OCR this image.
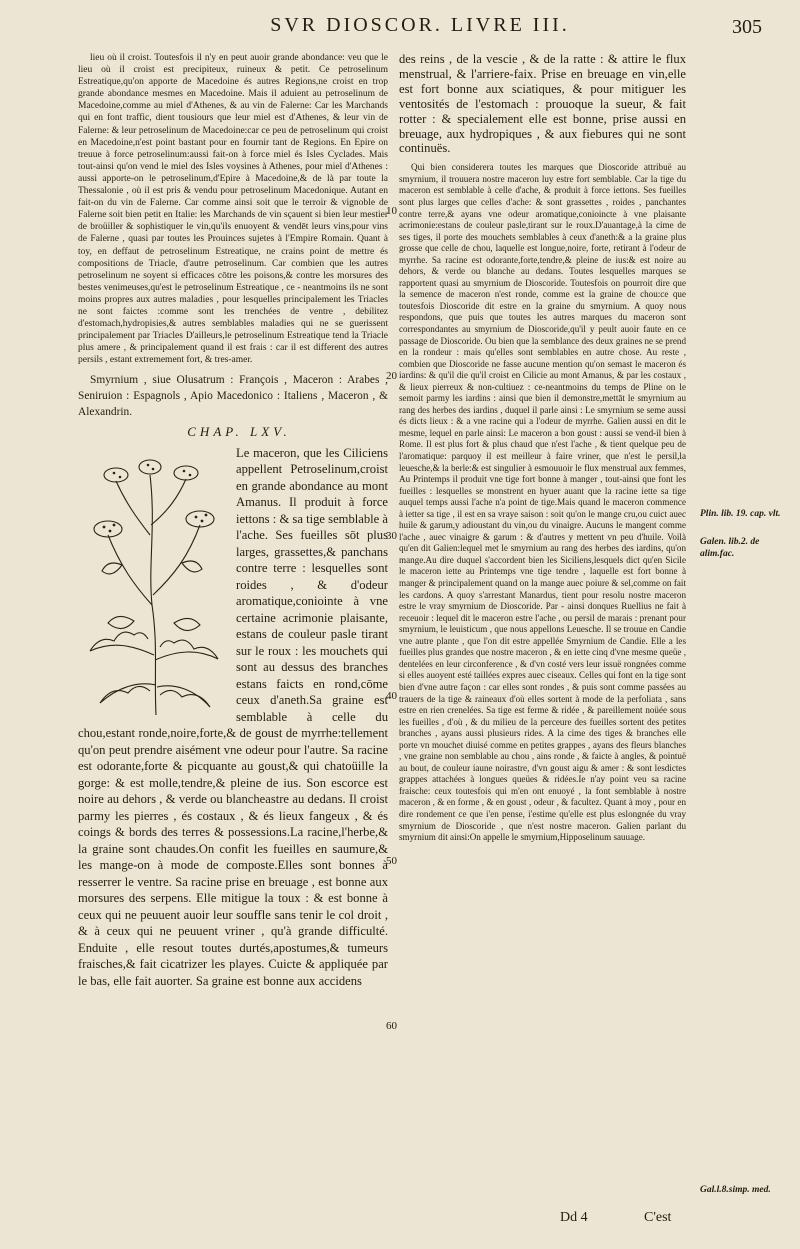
SVR DIOSCOR. LIVRE III.	305

lieu où il croist. Toutesfois il n'y en peut auoir grande abondance: veu que le lieu où il croist est precipiteux, ruineux & petit. Ce petroselinum Estreatique,qu'on apporte de Macedoine és autres Regions,ne croist en trop grande abondance mesmes en Macedoine. Mais il aduient au petroselinum de Macedoine,comme au miel d'Athenes, & au vin de Falerne: Car les Marchands qui en font traffic, dient tousiours que leur miel est d'Athenes, & leur vin de Falerne: & leur petroselinum de Macedoine:car ce peu de petroselinum qui croist en Macedoine,n'est point bastant pour en fournir tant de Regions. En Epire on treuue à force petroselinum:aussi fait-on à force miel és Isles Cyclades. Mais tout-ainsi qu'on vend le miel des Isles voysines à Athenes, pour miel d'Athenes : aussi apporte-on le petroselinum,d'Epire à Macedoine,& de là par toute la Thessalonie , où il est pris & vendu pour petroselinum Macedonique. Autant en fait-on du vin de Falerne. Car comme ainsi soit que le terroir & vignoble de Falerne soit bien petit en Italie: les Marchands de vin sçauent si bien leur mestier de broüiller & sophistiquer le vin,qu'ils enuoyent & vendēt leurs vins,pour vins de Falerne , quasi par toutes les Prouinces sujetes à l'Empire Romain. Quant à toy, en deffaut de petroselinum Estreatique, ne crains point de mettre és compositions de Triacle, d'autre petroselinum. Car combien que les autres petroselinum ne soyent si efficaces cōtre les poisons,& contre les morsures des bestes venimeuses,qu'est le petroselinum Estreatique , ce - neantmoins ils ne sont moins propres aux autres maladies , pour lesquelles principalement les Triacles ne sont faictes :comme sont les trenchées de ventre , debilitez d'estomach,hydropisies,& autres semblables maladies qui ne se guerissent principalement par Triacles D'ailleurs,le petroselinum Estreatique tend la Triacle plus amere , & principalement quand il est frais : car il est different des autres persils , estant extremement fort, & tres-amer.

Smyrnium , siue Olusatrum : François , Maceron : Arabes , Seniruion : Espagnols , Apio Macedonico : Italiens , Maceron , & Alexandrin.

CHAP. LXV.

Le maceron, que les Ciliciens appellent Petroselinum,croist en grande abondance au mont Amanus. Il produit à force iettons : & sa tige semblable à l'ache. Ses fueilles sōt plus larges, grassettes,& panchans contre terre : lesquelles sont roides , & d'odeur aromatique,coniointe à vne certaine acrimonie plaisante, estans de couleur pasle tirant sur le roux : les mouchets qui sont au dessus des branches estans faicts en rond,cōme ceux d'aneth.Sa graine est semblable à celle du chou,estant ronde,noire,forte,& de goust de myrrhe:tellement qu'on peut prendre aisément vne odeur pour l'autre. Sa racine est odorante,forte & picquante au goust,& qui chatoüille la gorge: & est molle,tendre,& pleine de ius. Son escorce est noire au dehors , & verde ou blancheastre au dedans. Il croist parmy les pierres , és costaux , & és lieux fangeux , & és coings & bords des terres & possessions.La racine,l'herbe,& la graine sont chaudes.On confit les fueilles en saumure,& les mange-on à mode de composte.Elles sont bonnes à resserrer le ventre. Sa racine prise en breuage , est bonne aux morsures des serpens. Elle mitigue la toux : & est bonne à ceux qui ne peuuent auoir leur souffle sans tenir le col droit , & à ceux qui ne peuuent vriner , qu'à grande difficulté. Enduite , elle resout toutes durtés,apostumes,& tumeurs fraisches,& fait cicatrizer les playes. Cuicte & appliquée par le bas, elle fait auorter. Sa graine est bonne aux accidens

des reins , de la vescie , & de la ratte : & attire le flux menstrual, & l'arriere-faix. Prise en breuage en vin,elle est fort bonne aux sciatiques, & pour mitiguer les ventosités de l'estomach : prouoque la sueur, & fait rotter : & specialement elle est bonne, prise aussi en breuage, aux hydropiques , & aux fiebures qui ne sont continuës.

Qui bien considerera toutes les marques que Dioscoride attribuë au smyrnium, il trouuera nostre maceron luy estre fort semblable. Car la tige du maceron est semblable à celle d'ache, & produit à force iettons. Ses fueilles sont plus larges que celles d'ache: & sont grassettes , roides , panchantes contre terre,& ayans vne odeur aromatique,conioincte à vne plaisante acrimonie:estans de couleur pasle,tirant sur le roux.D'auantage,à la cime de ses tiges, il porte des mouchets semblables à ceux d'aneth:& a la graine plus grosse que celle de chou, laquelle est longue,noire, forte, retirant à l'odeur de myrrhe. Sa racine est odorante,forte,tendre,& pleine de ius:& est noire au dehors, & verde ou blanche au dedans. Toutes lesquelles marques se rapportent quasi au smyrnium de Dioscoride. Toutesfois on pourroit dire que la semence de maceron n'est ronde, comme est la graine de chou:ce que toutesfois Dioscoride dit estre en la graine du smyrnium. A quoy nous respondons, que puis que toutes les autres marques du maceron sont correspondantes au smyrnium de Dioscoride,qu'il y peult auoir faute en ce passage de Dioscoride. Ou bien que la semblance des deux graines ne se prend en la rondeur : mais qu'elles sont semblables en autre chose. Au reste , combien que Dioscoride ne fasse aucune mention qu'on semast le maceron és iardins: & qu'il die qu'il croist en Cilicie au mont Amanus, & par les costaux , & lieux pierreux & non-cultiuez : ce-neantmoins du temps de Pline on le semoit parmy les iardins : ainsi que bien il demonstre,mettāt le smyrnium au rang des herbes des iardins , duquel il parle ainsi : Le smyrnium se seme aussi és dicts lieux : & a vne racine qui a l'odeur de myrrhe. Galien aussi en dit le mesme, lequel en parle ainsi: Le maceron a bon goust : aussi se vend-il bien à Rome. Il est plus fort & plus chaud que n'est l'ache , & tient quelque peu de l'aromatique: parquoy il est meilleur à faire vriner, que n'est le persil,la leuesche,& la berle:& est singulier à esmouuoir le flux menstrual aux femmes, Au Printemps il produit vne tige fort bonne à manger , tout-ainsi que font les fueilles : lesquelles se monstrent en hyuer auant que la racine iette sa tige auquel temps aussi l'ache n'a point de tige.Mais quand le maceron commence à ietter sa tige , il est en sa vraye saison : soit qu'on le mange cru,ou cuict auec huile & garum,y adioustant du vin,ou du vinaigre. Aucuns le mangent comme l'ache , auec vinaigre & garum : & d'autres y mettent vn peu d'huile. Voilà qu'en dit Galien:lequel met le smyrnium au rang des herbes des iardins, qu'on mange.Au dire duquel s'accordent bien les Siciliens,lesquels dict qu'en Sicile le maceron iette au Printemps vne tige tendre , laquelle est fort bonne à manger & principalement quand on la mange auec poiure & sel,comme on fait les cardons. A quoy s'arrestant Manardus, tient pour resolu nostre maceron estre le vray smyrnium de Dioscoride. Par - ainsi donques Ruellius ne fait à receuoir : lequel dit le maceron estre l'ache , ou persil de marais : prenant pour smyrnium, le leuisticum , que nous appellons Leuesche. Il se trouue en Candie vne autre plante , que l'on dit estre appellée Smyrnium de Candie. Elle a les fueilles plus grandes que nostre maceron , & en iette cinq d'vne mesme queüe , dentelées en leur circonference , & d'vn costé vers leur issuë rongnées comme si elles auoyent esté taillées expres auec ciseaux. Celles qui font en la tige sont bien d'vne autre façon : car elles sont rondes , & puis sont comme passées au trauers de la tige & raineaux d'où elles sortent à mode de la perfoliata , sans estre en rien crenelées. Sa tige est ferme & ridée , & pareillement noüée sous les fueilles , d'où , & du milieu de la perceure des fueilles sortent des petites branches , ayans aussi plusieurs rides. A la cime des tiges & branches elle porte vn mouchet diuisé comme en petites grappes , ayans des fleurs blanches , vne graine non semblable au chou , ains ronde , & faicte à angles, & pointuë au bout, de couleur iaune noirastre, d'vn goust aigu & amer : & sont lesdictes grappes attachées à longues queües & ridées.Ie n'ay point veu sa racine fraische: ceux toutesfois qui m'en ont enuoyé , la font semblable à nostre maceron , & en forme , & en goust , odeur , & facultez. Quant à moy , pour en dire rondement ce que i'en pense, i'estime qu'elle est plus eslongnée du vray smyrnium de Dioscoride , que n'est nostre maceron. Galien parlant du smyrnium dit ainsi:On appelle le smyrnium,Hipposelinum sauuage.

10
20
30
40
50
60
Plin. lib. 19. cap. vlt.
Galen. lib.2. de alim.fac.
Gal.l.8.simp. med.
Dd 4	C'est
